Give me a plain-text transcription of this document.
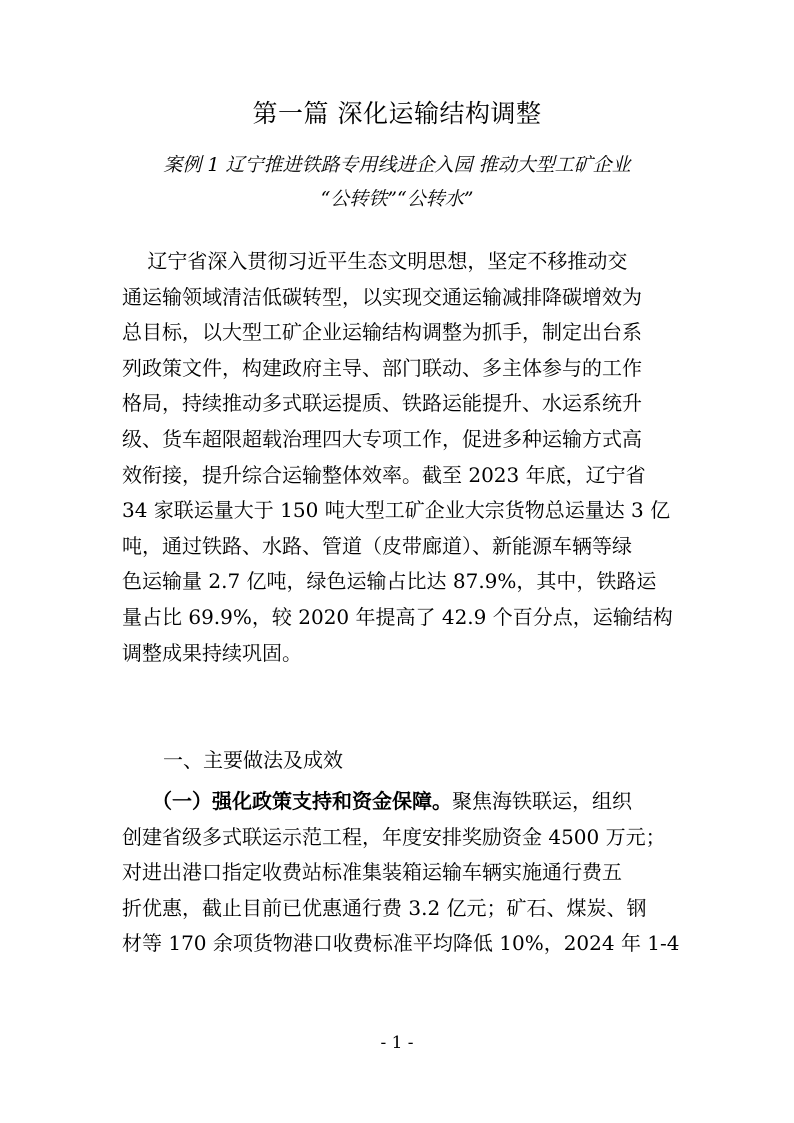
第一篇 深化运输结构调整
案例 1 辽宁推进铁路专用线进企入园 推动大型工矿企业
“公转铁”“公转水”
辽宁省深入贯彻习近平生态文明思想，坚定不移推动交
通运输领域清洁低碳转型，以实现交通运输减排降碳增效为
总目标，以大型工矿企业运输结构调整为抓手，制定出台系
列政策文件，构建政府主导、部门联动、多主体参与的工作
格局，持续推动多式联运提质、铁路运能提升、水运系统升
级、货车超限超载治理四大专项工作，促进多种运输方式高
效衔接，提升综合运输整体效率。截至 2023 年底，辽宁省
34 家联运量大于 150 吨大型工矿企业大宗货物总运量达 3 亿
吨，通过铁路、水路、管道（皮带廊道）、新能源车辆等绿
色运输量 2.7 亿吨，绿色运输占比达 87.9%，其中，铁路运
量占比 69.9%，较 2020 年提高了 42.9 个百分点，运输结构
调整成果持续巩固。
一、主要做法及成效
　　（一）强化政策支持和资金保障。聚焦海铁联运，组织
创建省级多式联运示范工程，年度安排奖励资金 4500 万元；
对进出港口指定收费站标准集装箱运输车辆实施通行费五
折优惠，截止目前已优惠通行费 3.2 亿元；矿石、煤炭、钢
材等 170 余项货物港口收费标准平均降低 10%，2024 年 1-4
- 1 -
